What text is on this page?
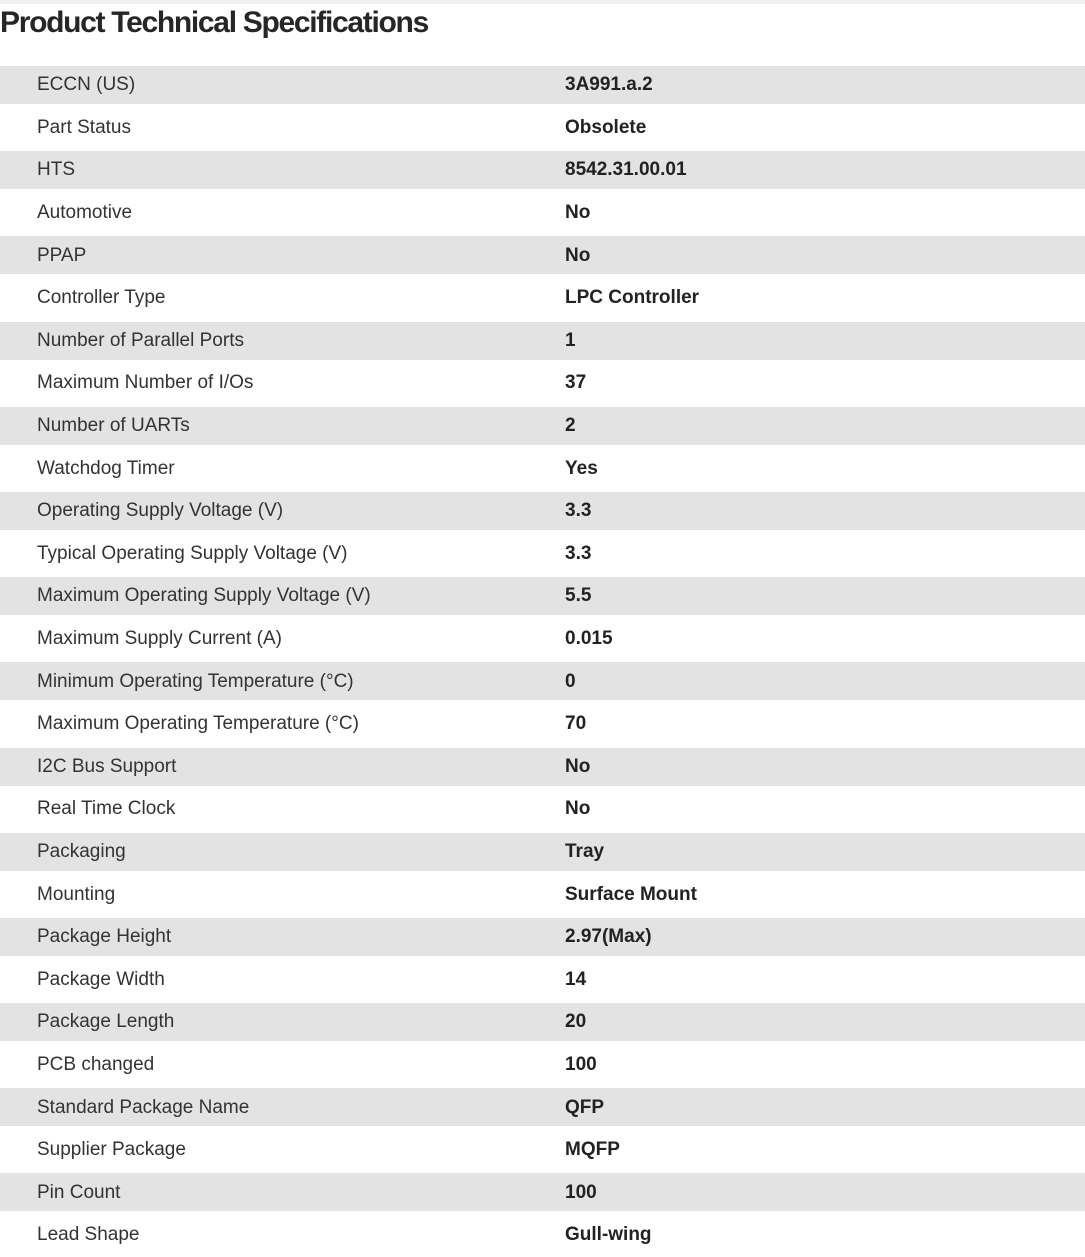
Product Technical Specifications
ECCN (US)	3A991.a.2
Part Status	Obsolete
HTS	8542.31.00.01
Automotive	No
PPAP	No
Controller Type	LPC Controller
Number of Parallel Ports	1
Maximum Number of I/Os	37
Number of UARTs	2
Watchdog Timer	Yes
Operating Supply Voltage (V)	3.3
Typical Operating Supply Voltage (V)	3.3
Maximum Operating Supply Voltage (V)	5.5
Maximum Supply Current (A)	0.015
Minimum Operating Temperature (°C)	0
Maximum Operating Temperature (°C)	70
I2C Bus Support	No
Real Time Clock	No
Packaging	Tray
Mounting	Surface Mount
Package Height	2.97(Max)
Package Width	14
Package Length	20
PCB changed	100
Standard Package Name	QFP
Supplier Package	MQFP
Pin Count	100
Lead Shape	Gull-wing
